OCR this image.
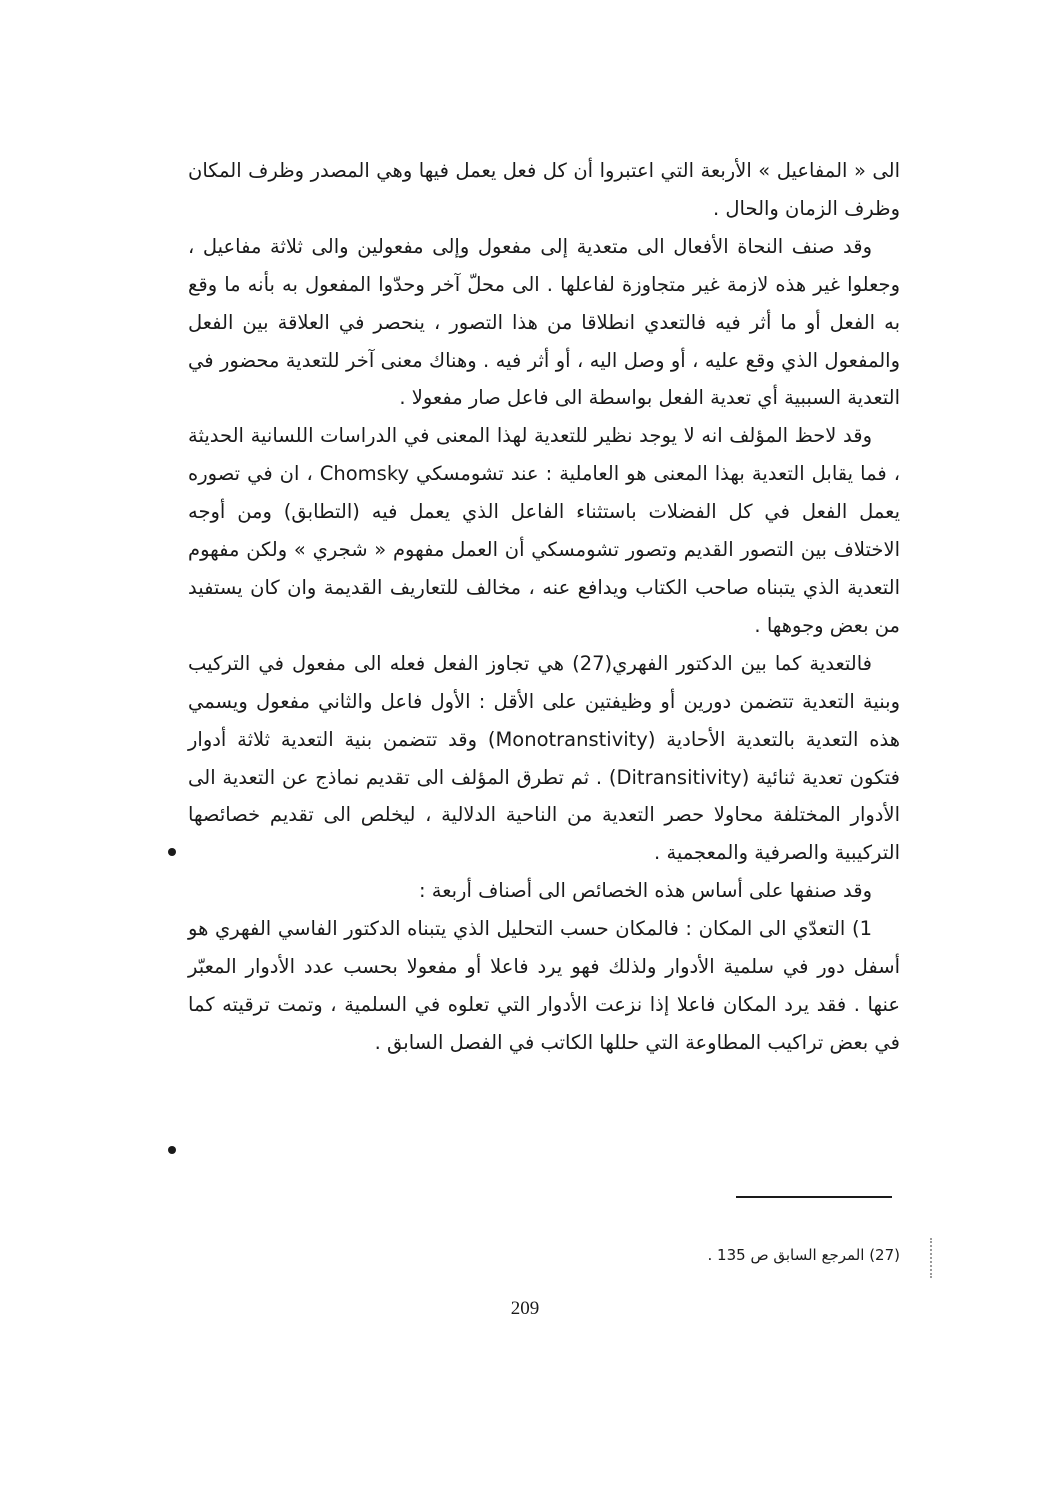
الى « المفاعيل » الأربعة التي اعتبروا أن كل فعل يعمل فيها وهي المصدر وظرف المكان وظرف الزمان والحال .

وقد صنف النحاة الأفعال الى متعدية إلى مفعول وإلى مفعولين والى ثلاثة مفاعيل ، وجعلوا غير هذه لازمة غير متجاوزة لفاعلها . الى محلّ آخر وحدّوا المفعول به بأنه ما وقع به الفعل أو ما أثر فيه فالتعدي انطلاقا من هذا التصور ، ينحصر في العلاقة بين الفعل والمفعول الذي وقع عليه ، أو وصل اليه ، أو أثر فيه . وهناك معنى آخر للتعدية محضور في التعدية السببية أي تعدية الفعل بواسطة الى فاعل صار مفعولا .

وقد لاحظ المؤلف انه لا يوجد نظير للتعدية لهذا المعنى في الدراسات اللسانية الحديثة ، فما يقابل التعدية بهذا المعنى هو العاملية : عند تشومسكي Chomsky ، ان في تصوره يعمل الفعل في كل الفضلات باستثناء الفاعل الذي يعمل فيه (التطابق) ومن أوجه الاختلاف بين التصور القديم وتصور تشومسكي أن العمل مفهوم « شجري » ولكن مفهوم التعدية الذي يتبناه صاحب الكتاب ويدافع عنه ، مخالف للتعاريف القديمة وان كان يستفيد من بعض وجوهها .

فالتعدية كما بين الدكتور الفهري(27) هي تجاوز الفعل فعله الى مفعول في التركيب وبنية التعدية تتضمن دورين أو وظيفتين على الأقل : الأول فاعل والثاني مفعول ويسمي هذه التعدية بالتعدية الأحادية (Monotranstivity) وقد تتضمن بنية التعدية ثلاثة أدوار فتكون تعدية ثنائية (Ditransitivity) . ثم تطرق المؤلف الى تقديم نماذج عن التعدية الى الأدوار المختلفة محاولا حصر التعدية من الناحية الدلالية ، ليخلص الى تقديم خصائصها التركيبية والصرفية والمعجمية .

وقد صنفها على أساس هذه الخصائص الى أصناف أربعة :

1) التعدّي الى المكان : فالمكان حسب التحليل الذي يتبناه الدكتور الفاسي الفهري هو أسفل دور في سلمية الأدوار ولذلك فهو يرد فاعلا أو مفعولا بحسب عدد الأدوار المعبّر عنها . فقد يرد المكان فاعلا إذا نزعت الأدوار التي تعلوه في السلمية ، وتمت ترقيته كما في بعض تراكيب المطاوعة التي حللها الكاتب في الفصل السابق .

(27) المرجع السابق ص 135 .
209
